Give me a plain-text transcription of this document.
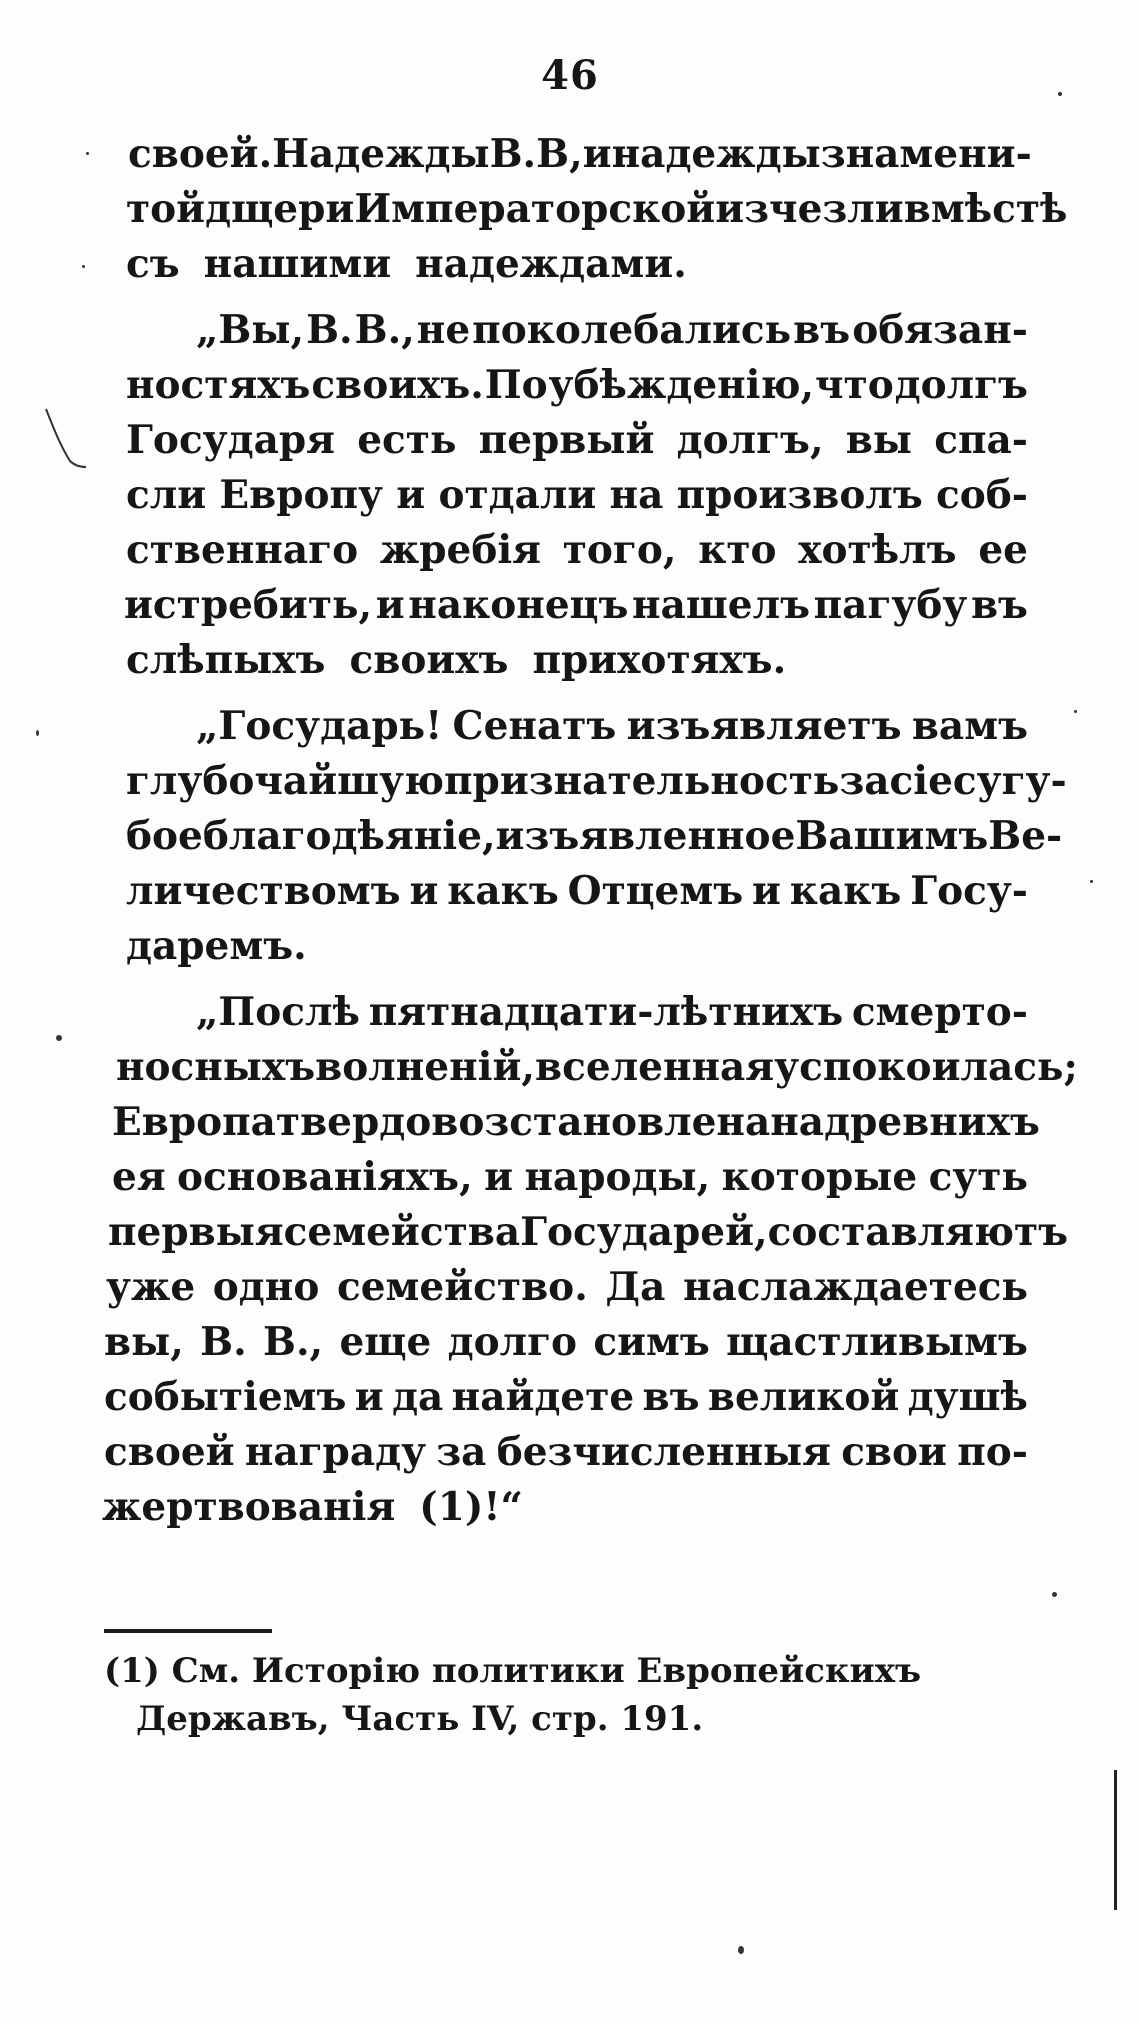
46
своей. Надежды В. В, и надежды знамени-
той дщери Императорской изчезли вмѣстѣ
съ нашими надеждами.
„Вы, В. В., не поколебались въ обязан-
ностяхъ своихъ. По убѣжденію, что долгъ
Государя есть первый долгъ, вы спа-
сли Европу и отдали на произволъ соб-
ственнаго жребія того, кто хотѣлъ ее
истребить, и наконецъ нашелъ пагубу въ
слѣпыхъ своихъ прихотяхъ.
„Государь! Сенатъ изъявляетъ вамъ
глубочайшую признательность за сіе сугу-
бое благодѣяніе, изъявленное Вашимъ Ве-
личествомъ и какъ Отцемъ и какъ Госу-
даремъ.
„Послѣ пятнадцати-лѣтнихъ смерто-
носныхъ волненій, вселенная успокоилась;
Европа твердо возстановлена на древнихъ
ея основаніяхъ, и народы, которые суть
первыя семейства Государей, составляютъ
уже одно семейство. Да наслаждаетесь
вы, В. В., еще долго симъ щастливымъ
событіемъ и да найдете въ великой душѣ
своей награду за безчисленныя свои по-
жертвованія (1)!“
(1) См. Исторію политики Европейскихъ
Державъ, Часть IV, стр. 191.
